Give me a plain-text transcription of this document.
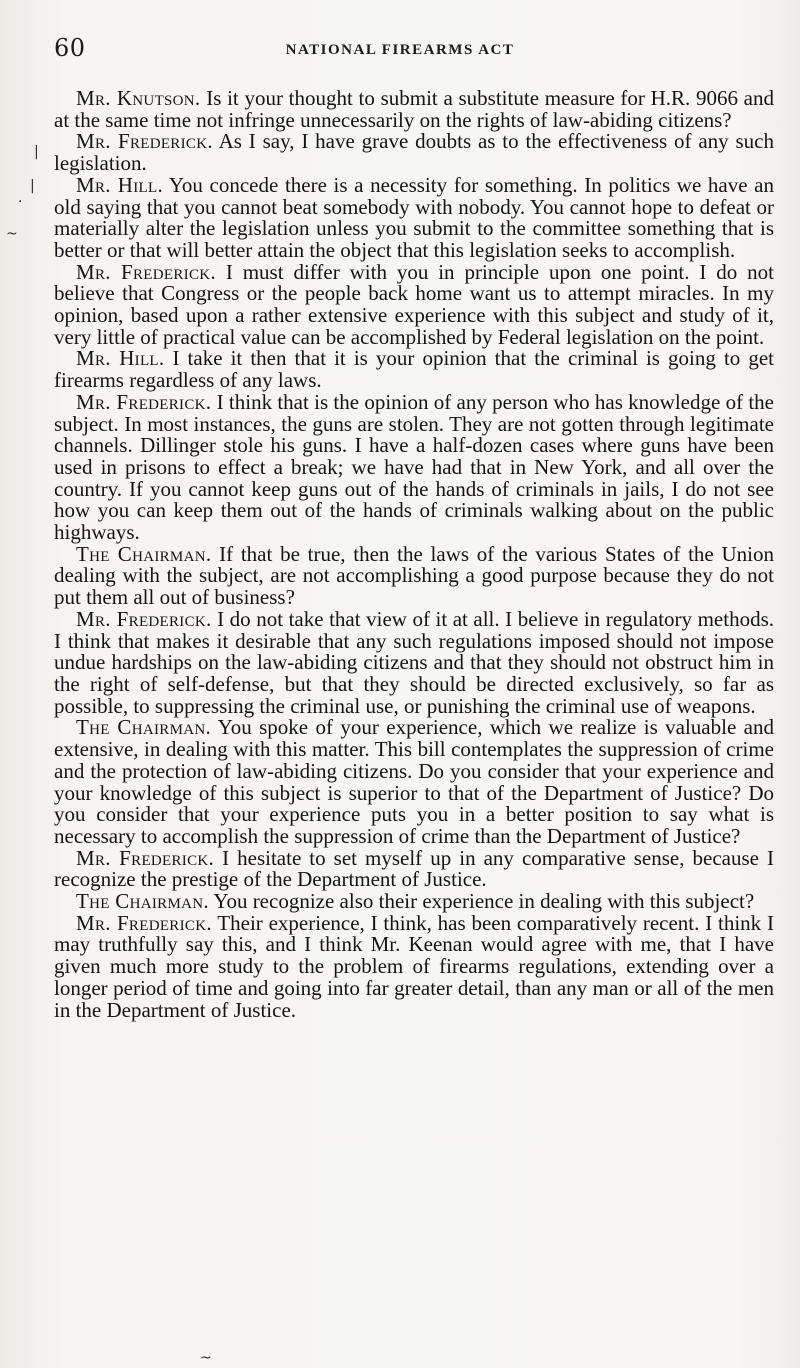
60	NATIONAL FIREARMS ACT

Mr. Knutson. Is it your thought to submit a substitute measure for H.R. 9066 and at the same time not infringe unnecessarily on the rights of law-abiding citizens?

Mr. Frederick. As I say, I have grave doubts as to the effectiveness of any such legislation.

Mr. Hill. You concede there is a necessity for something. In politics we have an old saying that you cannot beat somebody with nobody. You cannot hope to defeat or materially alter the legislation unless you submit to the committee something that is better or that will better attain the object that this legislation seeks to accomplish.

Mr. Frederick. I must differ with you in principle upon one point. I do not believe that Congress or the people back home want us to attempt miracles. In my opinion, based upon a rather extensive experience with this subject and study of it, very little of practical value can be accomplished by Federal legislation on the point.

Mr. Hill. I take it then that it is your opinion that the criminal is going to get firearms regardless of any laws.

Mr. Frederick. I think that is the opinion of any person who has knowledge of the subject. In most instances, the guns are stolen. They are not gotten through legitimate channels. Dillinger stole his guns. I have a half-dozen cases where guns have been used in prisons to effect a break; we have had that in New York, and all over the country. If you cannot keep guns out of the hands of criminals in jails, I do not see how you can keep them out of the hands of criminals walking about on the public highways.

The Chairman. If that be true, then the laws of the various States of the Union dealing with the subject, are not accomplishing a good purpose because they do not put them all out of business?

Mr. Frederick. I do not take that view of it at all. I believe in regulatory methods. I think that makes it desirable that any such regulations imposed should not impose undue hardships on the law-abiding citizens and that they should not obstruct him in the right of self-defense, but that they should be directed exclusively, so far as possible, to suppressing the criminal use, or punishing the criminal use of weapons.

The Chairman. You spoke of your experience, which we realize is valuable and extensive, in dealing with this matter. This bill contemplates the suppression of crime and the protection of law-abiding citizens. Do you consider that your experience and your knowledge of this subject is superior to that of the Department of Justice? Do you consider that your experience puts you in a better position to say what is necessary to accomplish the suppression of crime than the Department of Justice?

Mr. Frederick. I hesitate to set myself up in any comparative sense, because I recognize the prestige of the Department of Justice.

The Chairman. You recognize also their experience in dealing with this subject?

Mr. Frederick. Their experience, I think, has been comparatively recent. I think I may truthfully say this, and I think Mr. Keenan would agree with me, that I have given much more study to the problem of firearms regulations, extending over a longer period of time and going into far greater detail, than any man or all of the men in the Department of Justice.

|
|
·
~
~
